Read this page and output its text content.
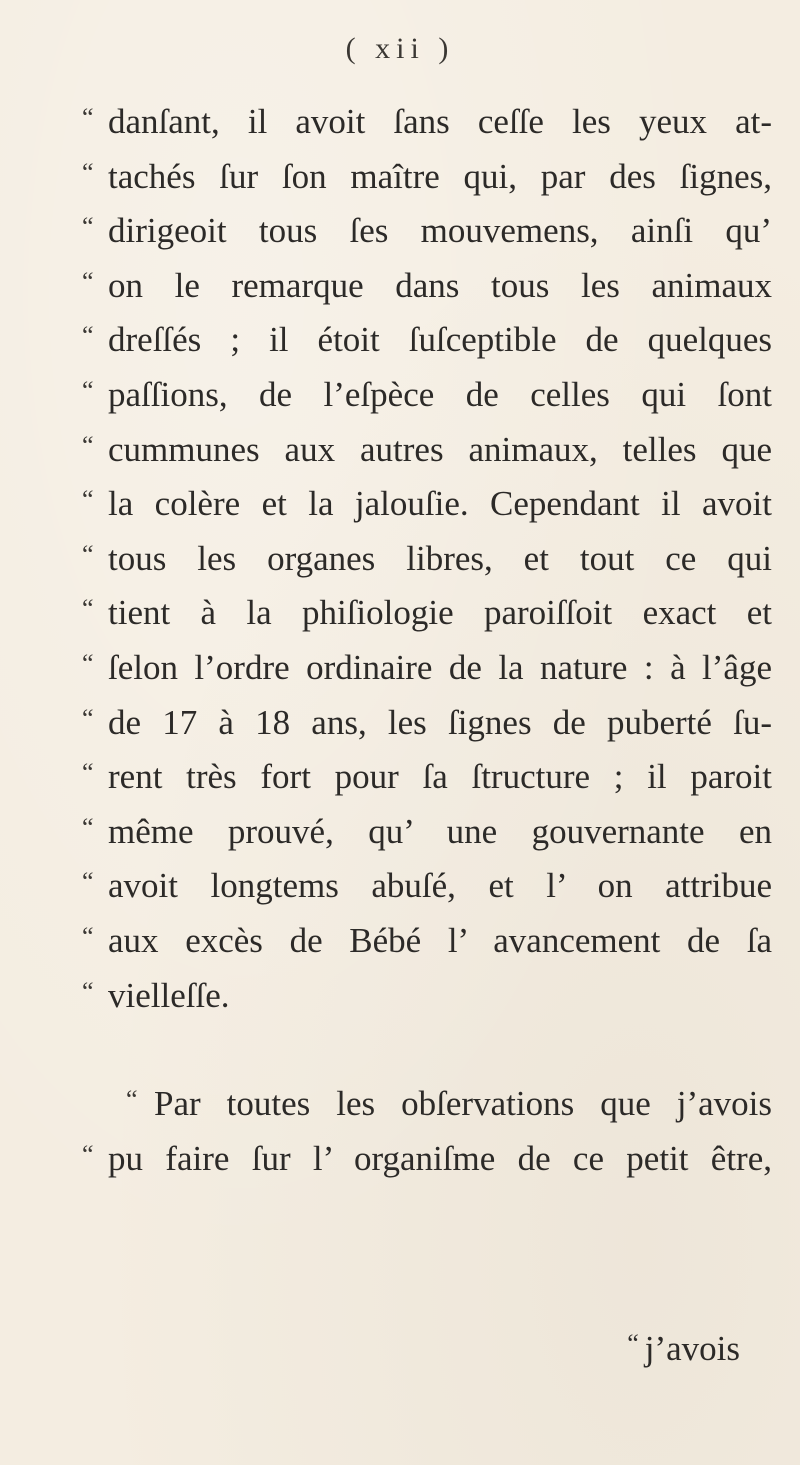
( xii )
“ danſant, il avoit ſans ceſſe les yeux at-
“ tachés ſur ſon maître qui, par des ſignes,
“ dirigeoit tous ſes mouvemens, ainſi qu’
“ on le remarque dans tous les animaux
“ dreſſés ; il étoit ſuſceptible de quelques
“ paſſions, de l’eſpèce de celles qui ſont
“ cummunes aux autres animaux, telles que
“ la colère et la jalouſie. Cependant il avoit
“ tous les organes libres, et tout ce qui
“ tient à la phiſiologie paroiſſoit exact et
“ ſelon l’ordre ordinaire de la nature : à l’âge
“ de 17 à 18 ans, les ſignes de puberté ſu-
“ rent très fort pour ſa ſtructure ; il paroit
“ même prouvé, qu’ une gouvernante en
“ avoit longtems abuſé, et l’ on attribue
“ aux excès de Bébé l’ avancement de ſa
“ vielleſſe.
“ Par toutes les obſervations que j’avois
“ pu faire ſur l’ organiſme de ce petit être,
“ j’avois
